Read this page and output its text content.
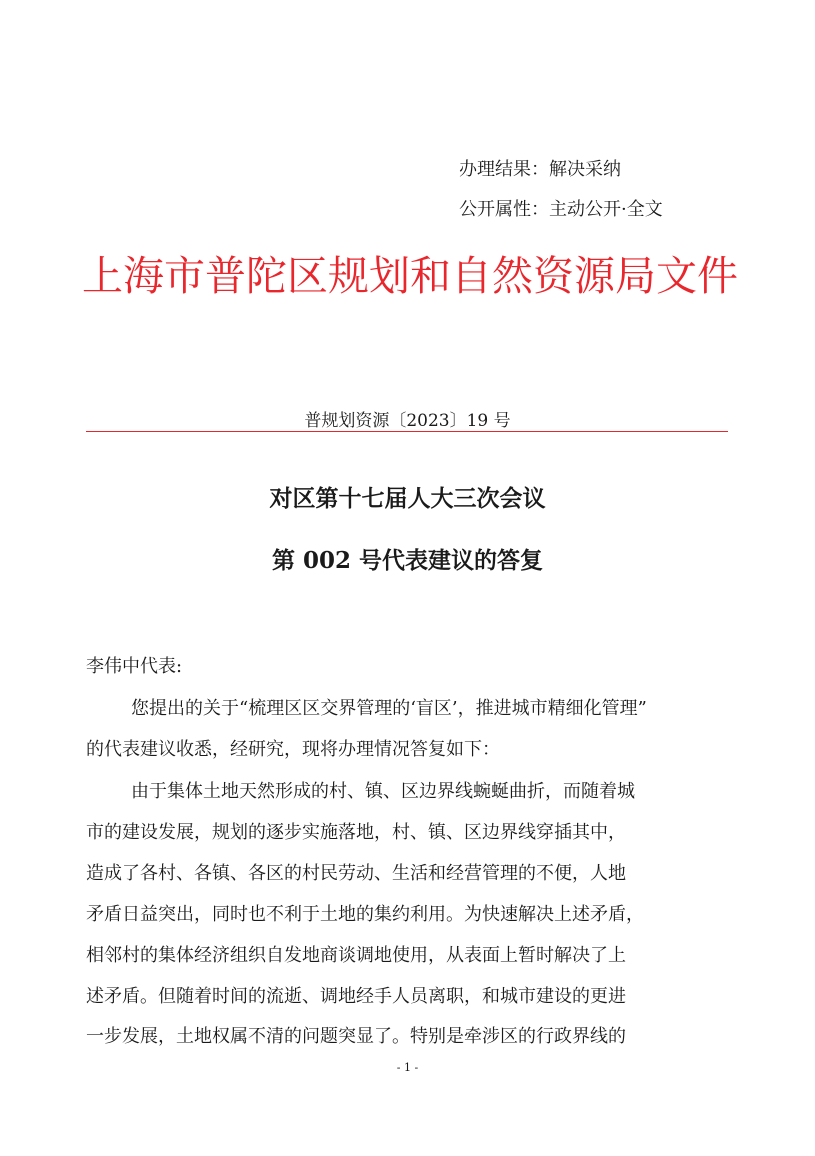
办理结果：解决采纳
公开属性：主动公开·全文
上海市普陀区规划和自然资源局文件
普规划资源〔2023〕19 号
对区第十七届人大三次会议
第 002 号代表建议的答复
李伟中代表:
您提出的关于“梳理区区交界管理的‘盲区’，推进城市精细化管理”
的代表建议收悉，经研究，现将办理情况答复如下：
由于集体土地天然形成的村、镇、区边界线蜿蜒曲折，而随着城
市的建设发展，规划的逐步实施落地，村、镇、区边界线穿插其中，
造成了各村、各镇、各区的村民劳动、生活和经营管理的不便，人地
矛盾日益突出，同时也不利于土地的集约利用。为快速解决上述矛盾，
相邻村的集体经济组织自发地商谈调地使用，从表面上暂时解决了上
述矛盾。但随着时间的流逝、调地经手人员离职，和城市建设的更进
一步发展，土地权属不清的问题突显了。特别是牵涉区的行政界线的
- 1 -
